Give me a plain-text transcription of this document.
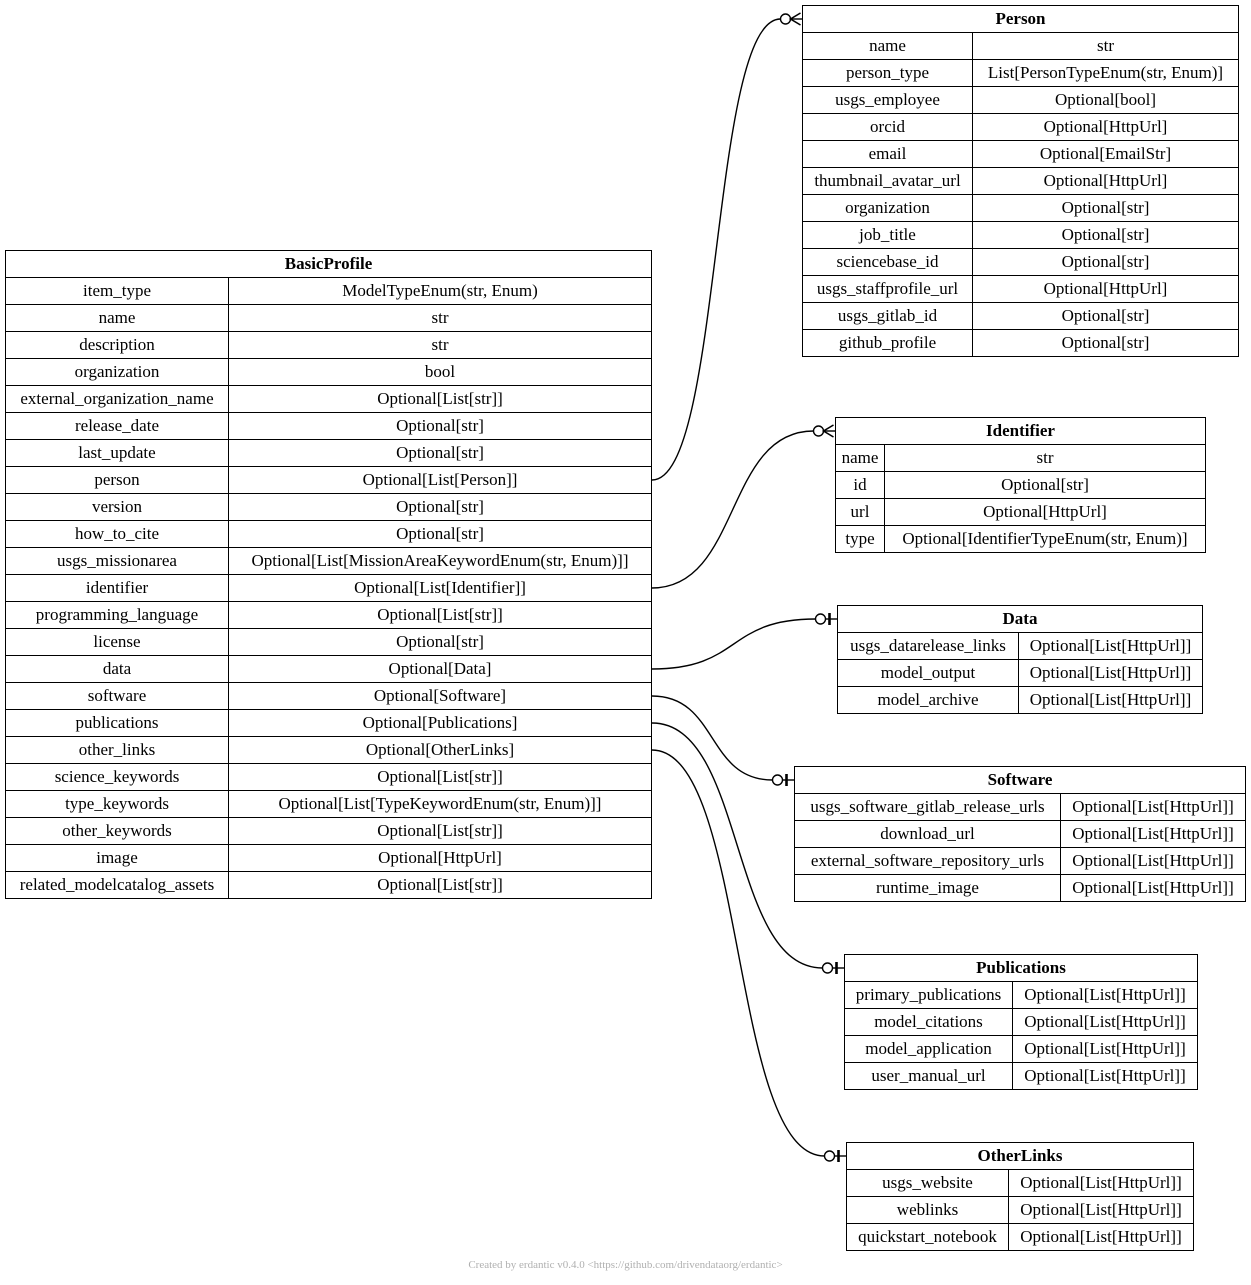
BasicProfile	
item_type	ModelTypeEnum(str, Enum)
name	str
description	str
organization	bool
external_organization_name	Optional[List[str]]
release_date	Optional[str]
last_update	Optional[str]
person	Optional[List[Person]]
version	Optional[str]
how_to_cite	Optional[str]
usgs_missionarea	Optional[List[MissionAreaKeywordEnum(str, Enum)]]
identifier	Optional[List[Identifier]]
programming_language	Optional[List[str]]
license	Optional[str]
data	Optional[Data]
software	Optional[Software]
publications	Optional[Publications]
other_links	Optional[OtherLinks]
science_keywords	Optional[List[str]]
type_keywords	Optional[List[TypeKeywordEnum(str, Enum)]]
other_keywords	Optional[List[str]]
image	Optional[HttpUrl]
related_modelcatalog_assets	Optional[List[str]]
Person	
name	str
person_type	List[PersonTypeEnum(str, Enum)]
usgs_employee	Optional[bool]
orcid	Optional[HttpUrl]
email	Optional[EmailStr]
thumbnail_avatar_url	Optional[HttpUrl]
organization	Optional[str]
job_title	Optional[str]
sciencebase_id	Optional[str]
usgs_staffprofile_url	Optional[HttpUrl]
usgs_gitlab_id	Optional[str]
github_profile	Optional[str]
Identifier	
name	str
id	Optional[str]
url	Optional[HttpUrl]
type	Optional[IdentifierTypeEnum(str, Enum)]
Data	
usgs_datarelease_links	Optional[List[HttpUrl]]
model_output	Optional[List[HttpUrl]]
model_archive	Optional[List[HttpUrl]]
Software	
usgs_software_gitlab_release_urls	Optional[List[HttpUrl]]
download_url	Optional[List[HttpUrl]]
external_software_repository_urls	Optional[List[HttpUrl]]
runtime_image	Optional[List[HttpUrl]]
Publications	
primary_publications	Optional[List[HttpUrl]]
model_citations	Optional[List[HttpUrl]]
model_application	Optional[List[HttpUrl]]
user_manual_url	Optional[List[HttpUrl]]
OtherLinks	
usgs_website	Optional[List[HttpUrl]]
weblinks	Optional[List[HttpUrl]]
quickstart_notebook	Optional[List[HttpUrl]]
Created by erdantic v0.4.0 <https://github.com/drivendataorg/erdantic>
